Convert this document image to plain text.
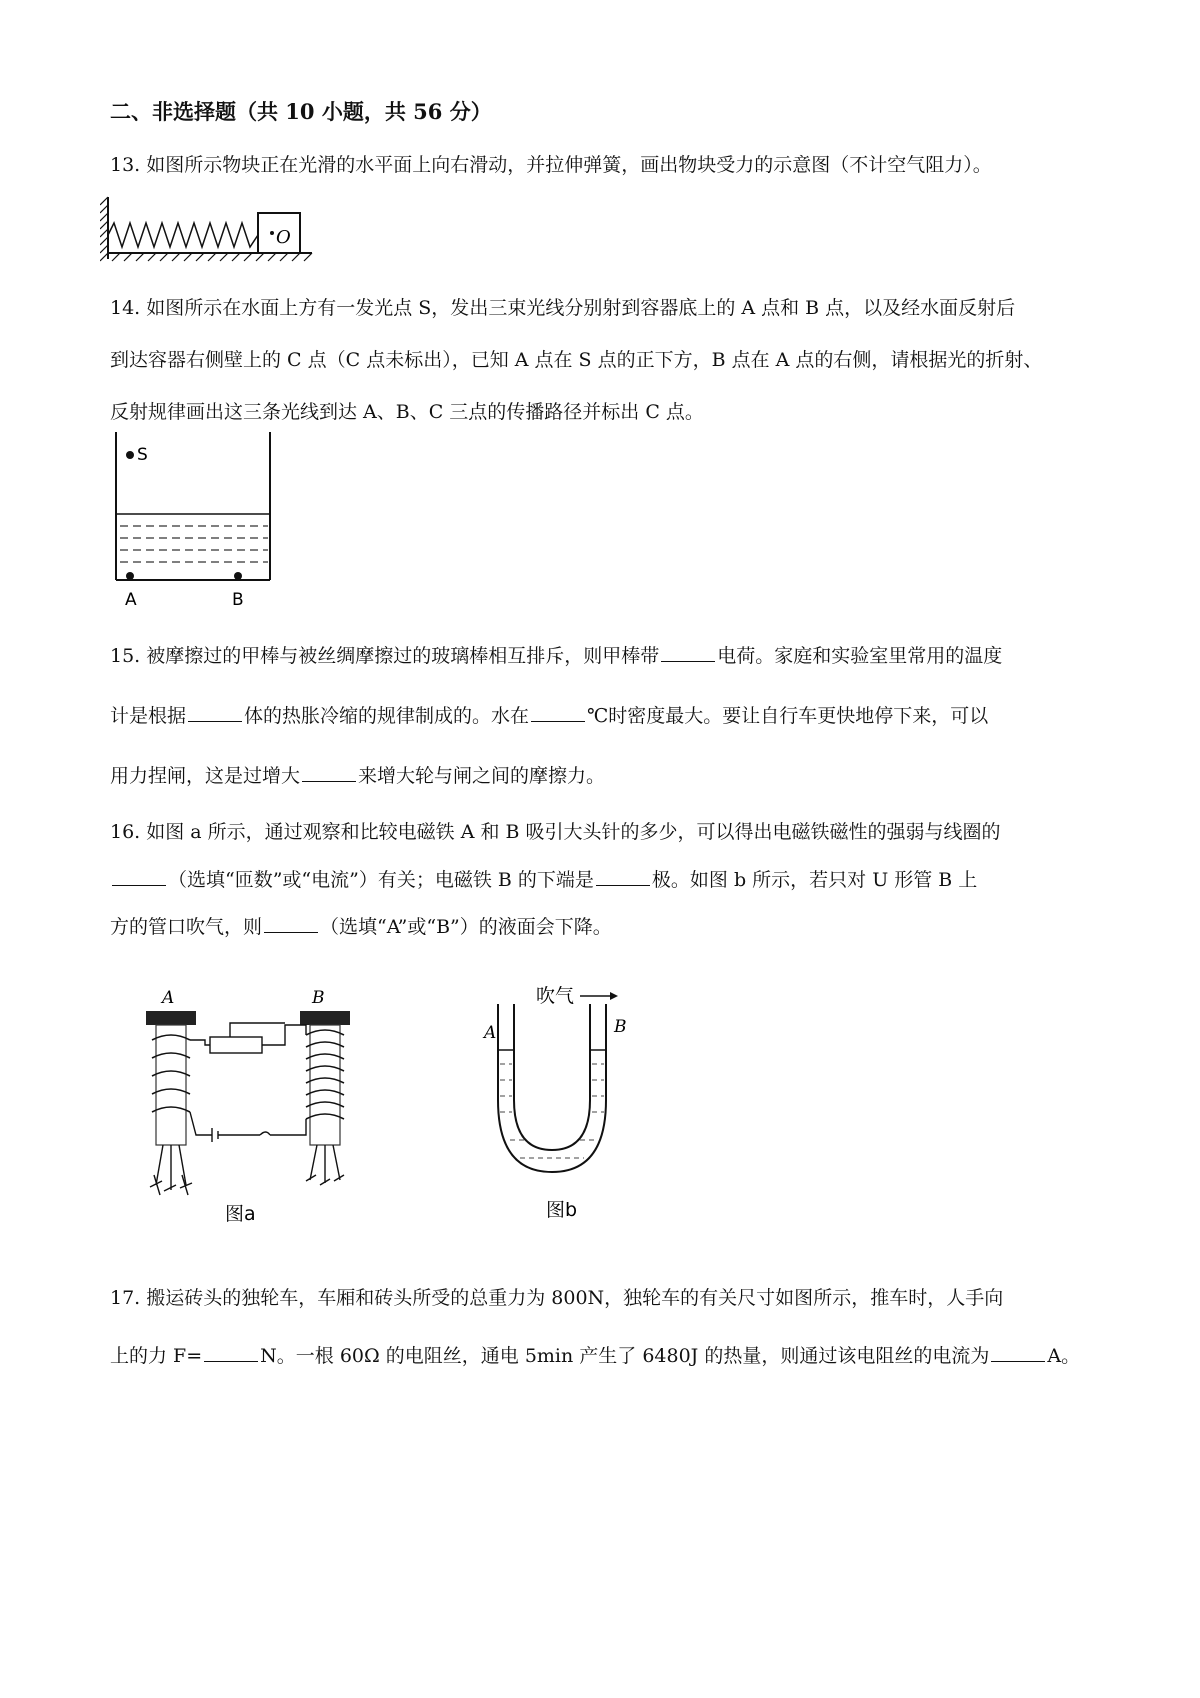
二、非选择题（共 10 小题，共 56 分）
13. 如图所示物块正在光滑的水平面上向右滑动，并拉伸弹簧，画出物块受力的示意图（不计空气阻力）。
O
14. 如图所示在水面上方有一发光点 S，发出三束光线分别射到容器底上的 A 点和 B 点，以及经水面反射后
到达容器右侧壁上的 C 点（C 点未标出），已知 A 点在 S 点的正下方，B 点在 A 点的右侧，请根据光的折射、
反射规律画出这三条光线到达 A、B、C 三点的传播路径并标出 C 点。
S
A	B
15. 被摩擦过的甲棒与被丝绸摩擦过的玻璃棒相互排斥，则甲棒带	电荷。家庭和实验室里常用的温度
计是根据	体的热胀冷缩的规律制成的。水在	℃时密度最大。要让自行车更快地停下来，可以
用力捏闸，这是过增大	来增大轮与闸之间的摩擦力。
16. 如图 a 所示，通过观察和比较电磁铁 A 和 B 吸引大头针的多少，可以得出电磁铁磁性的强弱与线圈的
（选填“匝数”或“电流”）有关；电磁铁 B 的下端是	极。如图 b 所示，若只对 U 形管 B 上
方的管口吹气，则	（选填“A”或“B”）的液面会下降。
A	B
图a
吹气
A	B
图b
17. 搬运砖头的独轮车，车厢和砖头所受的总重力为 800N，独轮车的有关尺寸如图所示，推车时，人手向
上的力 F=	N。一根 60Ω 的电阻丝，通电 5min 产生了 6480J 的热量，则通过该电阻丝的电流为	A。
